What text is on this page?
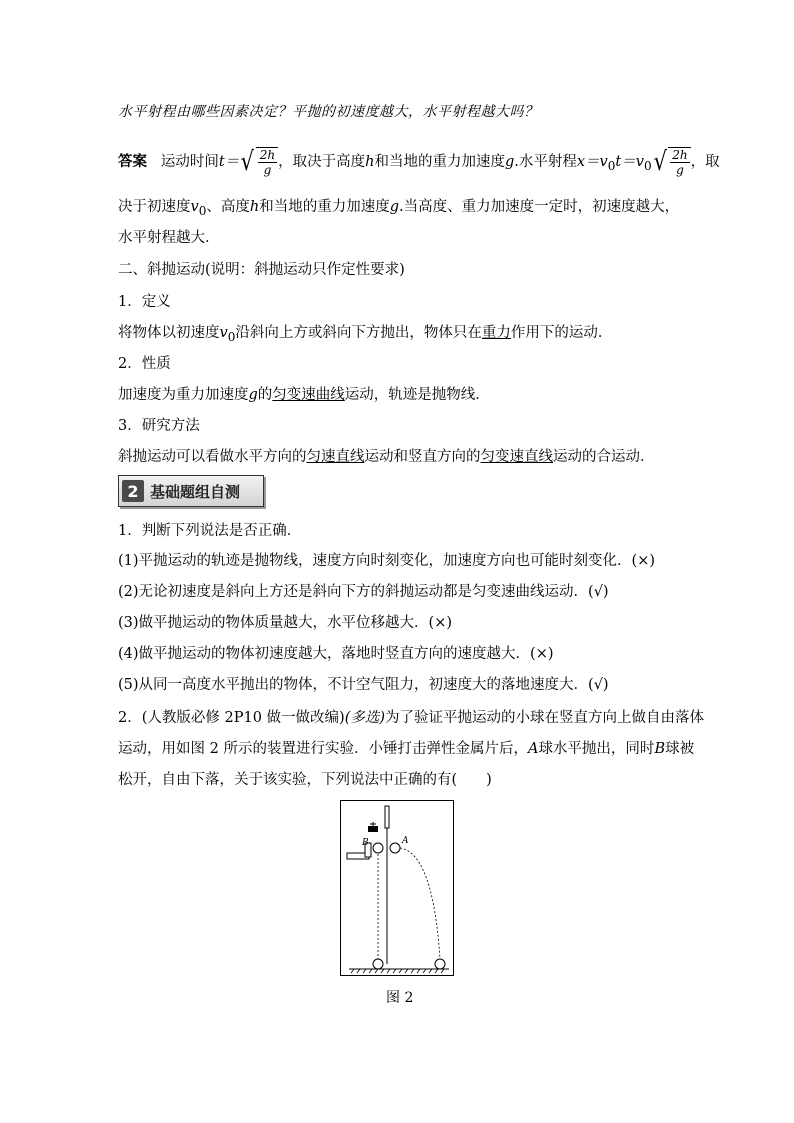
水平射程由哪些因素决定？平抛的初速度越大，水平射程越大吗？
答案 运动时间t＝ √ $\frac{2h}{g}$ ，取决于高度h和当地的重力加速度g.水平射程$x=v_0t=v_0$ √ $\frac{2h}{g}$ ，取
决于初速度$v_0$、高度h和当地的重力加速度g.当高度、重力加速度一定时，初速度越大，
水平射程越大．
二、斜抛运动(说明：斜抛运动只作定性要求)
1．定义
将物体以初速度$v_0$沿斜向上方或斜向下方抛出，物体只在重力作用下的运动．
2．性质
加速度为重力加速度g的匀变速曲线运动，轨迹是抛物线．
3．研究方法
斜抛运动可以看做水平方向的匀速直线运动和竖直方向的匀变速直线运动的合运动．
2 基础题组自测
1．判断下列说法是否正确．
(1)平抛运动的轨迹是抛物线，速度方向时刻变化，加速度方向也可能时刻变化．(×)
(2)无论初速度是斜向上方还是斜向下方的斜抛运动都是匀变速曲线运动．(√)
(3)做平抛运动的物体质量越大，水平位移越大．(×)
(4)做平抛运动的物体初速度越大，落地时竖直方向的速度越大．(×)
(5)从同一高度水平抛出的物体，不计空气阻力，初速度大的落地速度大．(√)
2．(人教版必修 2P10 做一做改编)(多选)为了验证平抛运动的小球在竖直方向上做自由落体
运动，用如图 2 所示的装置进行实验．小锤打击弹性金属片后，A球水平抛出，同时B球被
松开，自由下落，关于该实验，下列说法中正确的有(　　)
B	A
图 2
